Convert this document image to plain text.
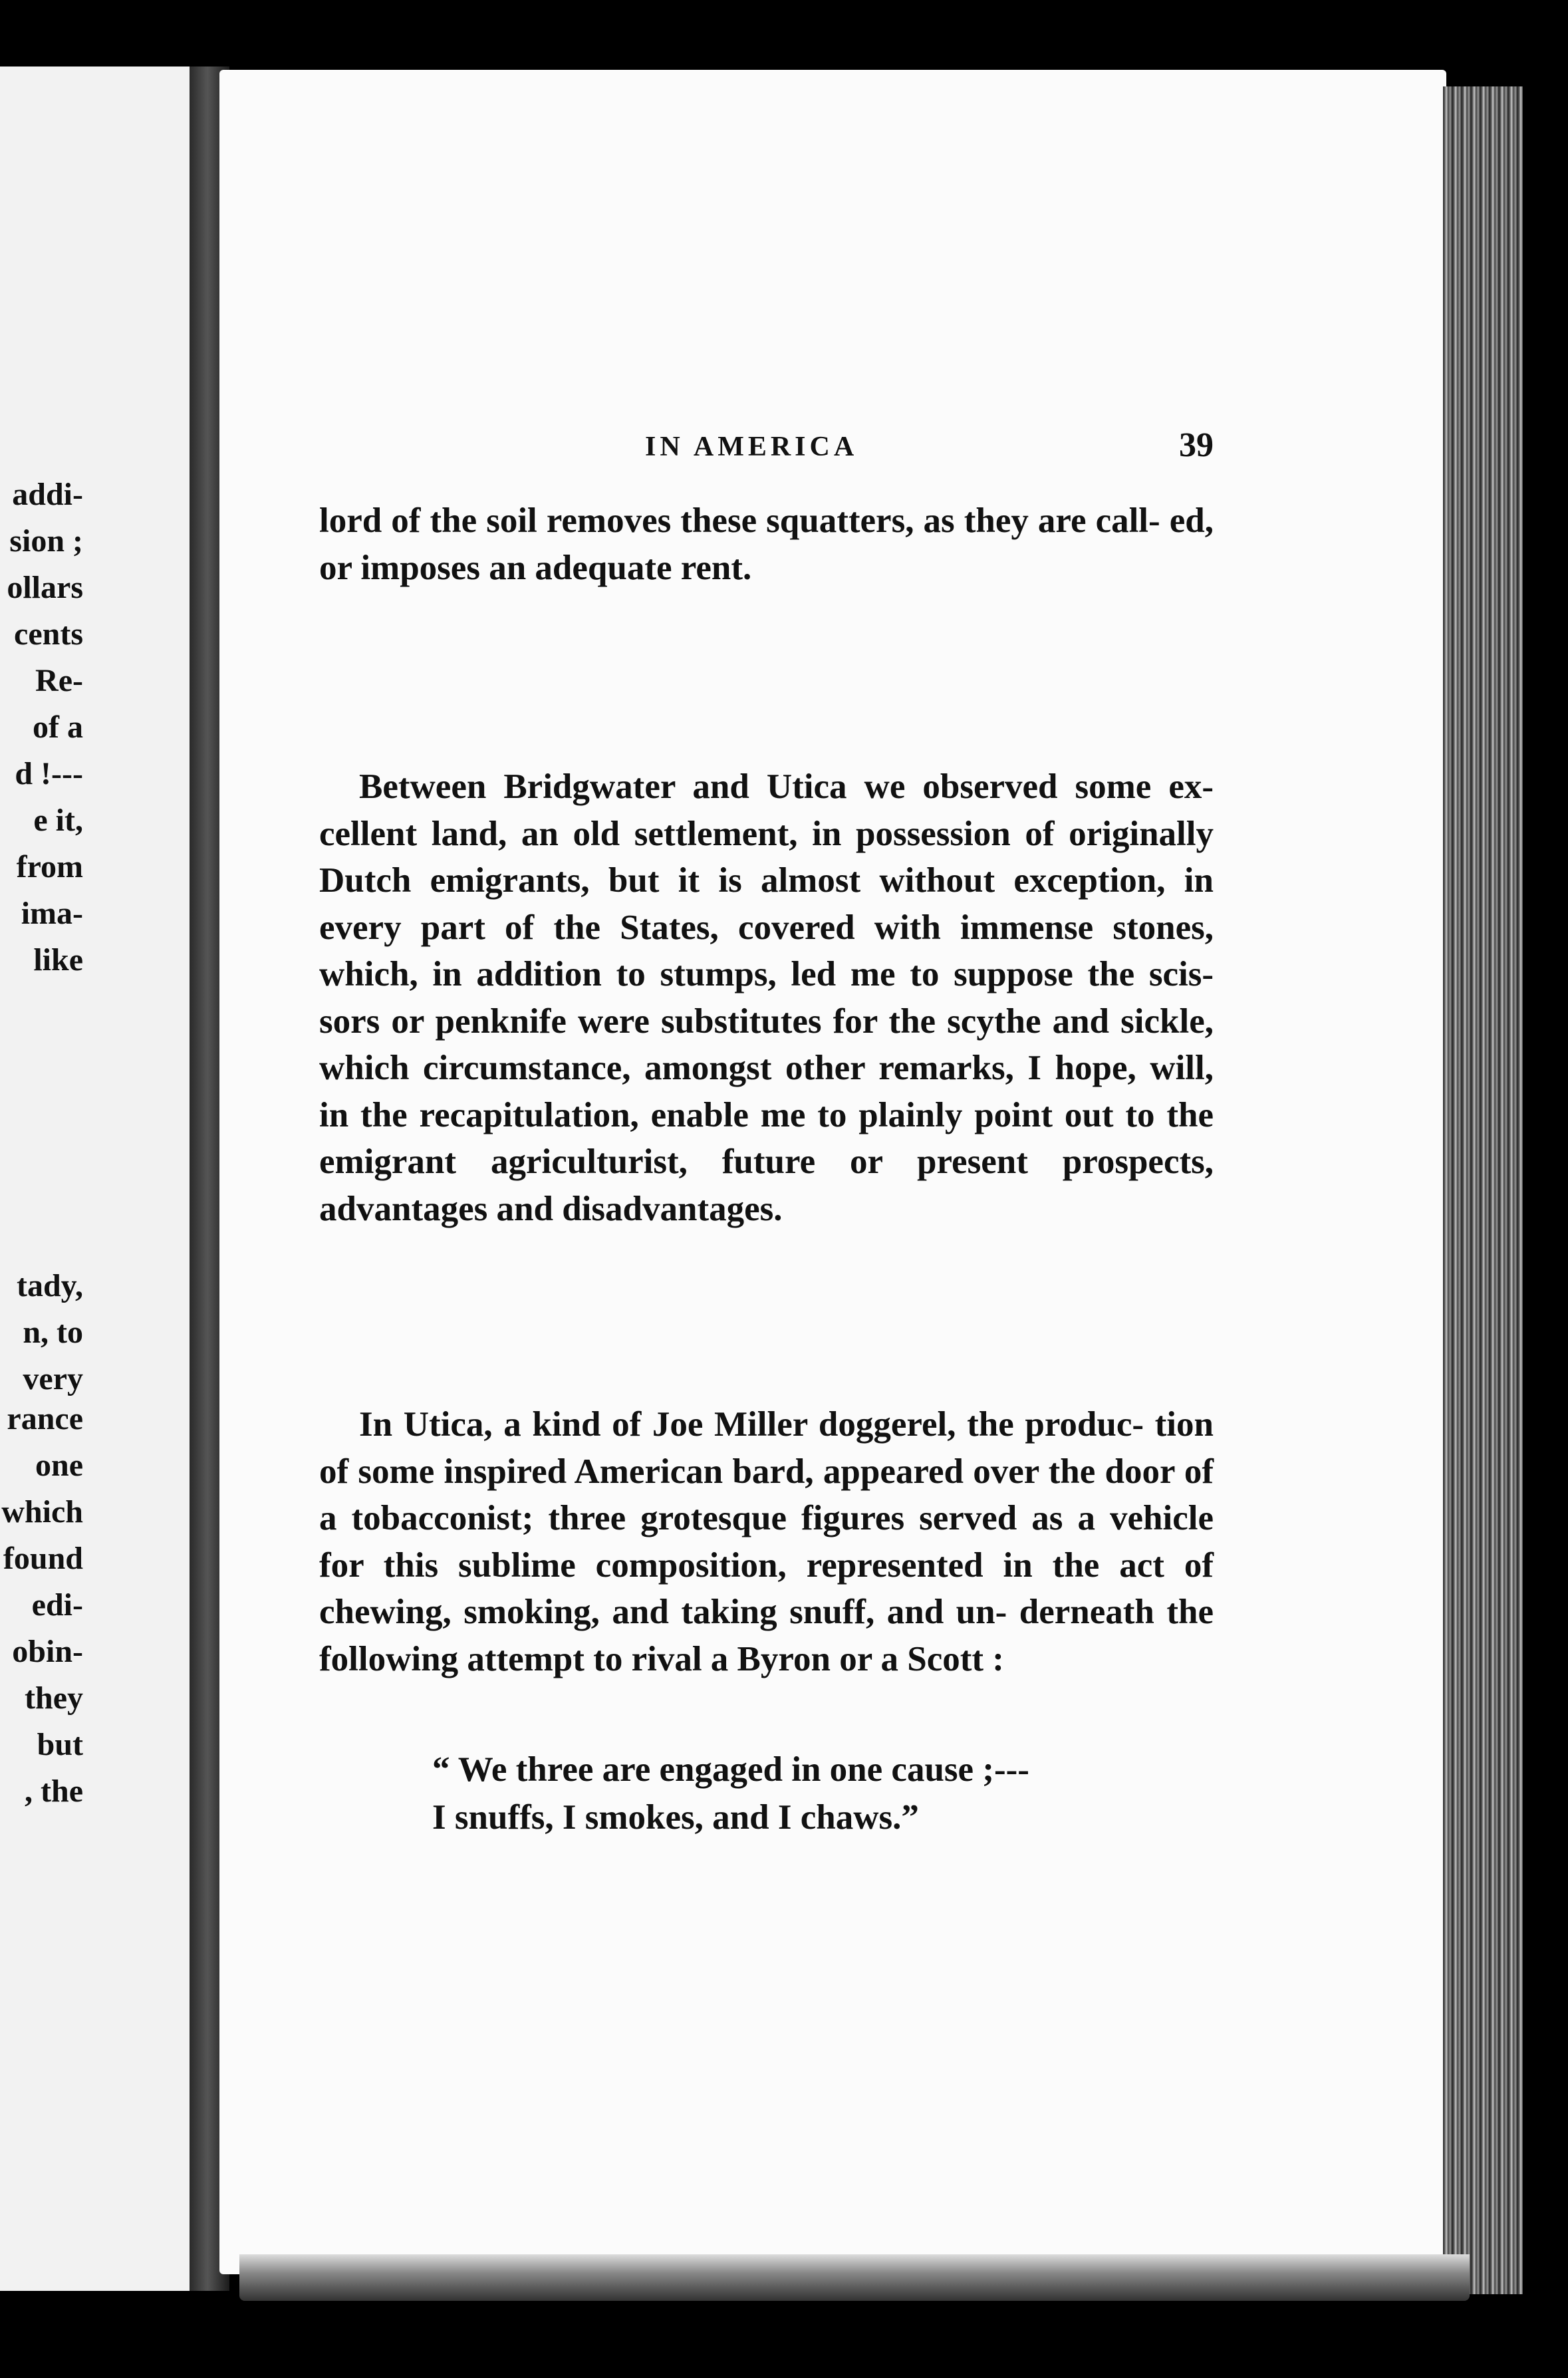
addi-
sion ;
ollars
cents
Re-
of a
d !---
e it,
from
ima-
like
tady,
n, to
very
rance
one
which
found
edi-
obin-
they
but
, the
IN AMERICA	39

lord of the soil removes these squatters, as they are call- ed, or imposes an adequate rent.

Between Bridgwater and Utica we observed some ex- cellent land, an old settlement, in possession of originally Dutch emigrants, but it is almost without exception, in every part of the States, covered with immense stones, which, in addition to stumps, led me to suppose the scis- sors or penknife were substitutes for the scythe and sickle, which circumstance, amongst other remarks, I hope, will, in the recapitulation, enable me to plainly point out to the emigrant agriculturist, future or present prospects, advantages and disadvantages.

In Utica, a kind of Joe Miller doggerel, the produc- tion of some inspired American bard, appeared over the door of a tobacconist; three grotesque figures served as a vehicle for this sublime composition, represented in the act of chewing, smoking, and taking snuff, and un- derneath the following attempt to rival a Byron or a Scott :

“ We three are engaged in one cause ;---
I snuffs, I smokes, and I chaws.”
